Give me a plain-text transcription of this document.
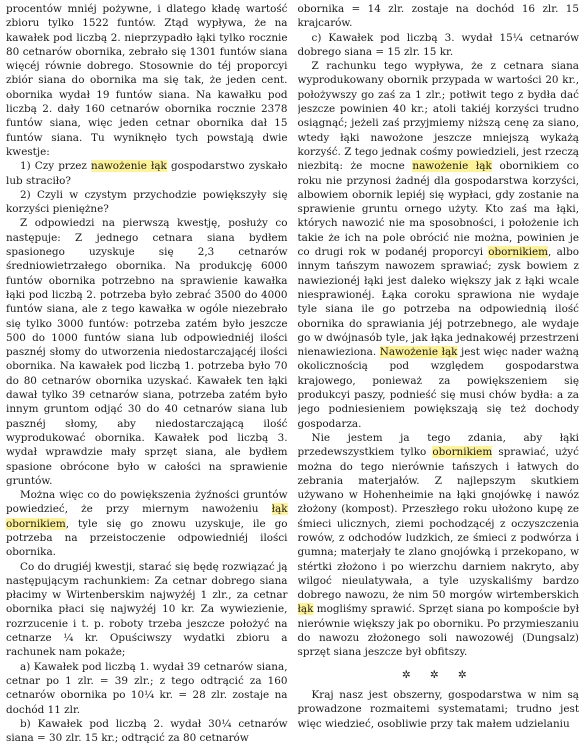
procentów mniéj pożywne, i dlatego kładę wartość zbioru tylko 1522 funtów. Ztąd wypływa, że na kawałek pod liczbą 2. nieprzypadło łąki tylko rocznie 80 cetnarów obornika, zebrało się 1301 funtów siana więcéj równie dobrego. Stosownie do téj proporcyi zbiór siana do obornika ma się tak, że jeden cent. obornika wydał 19 funtów siana. Na kawałku pod liczbą 2. dały 160 cetnarów obornika rocznie 2378 funtów siana, więc jeden cetnar obornika dał 15 funtów siana. Tu wyniknęło tych powstają dwie kwestje:

1) Czy przez nawożenie łąk gospodarstwo zyskało lub straciło?

2) Czyli w czystym przychodzie powiększyły się korzyści pieniężne?

Z odpowiedzi na pierwszą kwestję, posłuży co następuje: Z jednego cetnara siana bydłem spasionego uzyskuje się 2,3 cetnarów średniowietrzałego obornika. Na produkcję 6000 funtów obornika potrzebno na sprawienie kawałka łąki pod liczbą 2. potrzeba było zebrać 3500 do 4000 funtów siana, ale z tego kawałka w ogóle niezebrało się tylko 3000 funtów: potrzeba zatém było jeszcze 500 do 1000 funtów siana lub odpowiedniéj ilości pasznéj słomy do utworzenia niedostarczającéj ilości obornika. Na kawałek pod liczbą 1. potrzeba było 70 do 80 cetnarów obornika uzyskać. Kawałek ten łąki dawał tylko 39 cetnarów siana, potrzeba zatém było innym gruntom odjąć 30 do 40 cetnarów siana lub pasznéj słomy, aby niedostarczającą ilość wyprodukować obornika. Kawałek pod liczbą 3. wydał wprawdzie mały sprzęt siana, ale bydłem spasione obrócone było w całości na sprawienie gruntów.

Można więc co do powiększenia żyźności gruntów powiedzieć, że przy miernym nawożeniu łąk obornikiem, tyle się go znowu uzyskuje, ile go potrzeba na przeistoczenie odpowiedniéj ilości obornika.

Co do drugiéj kwestji, starać się będę rozwiązać ją następującym rachunkiem: Za cetnar dobrego siana płacimy w Wirtenberskim najwyżéj 1 zlr., za cetnar obornika płaci się najwyżéj 10 kr. Za wywiezienie, rozrzucenie i t. p. roboty trzeba jeszcze położyć na cetnarze ¼ kr. Opuściwszy wydatki zbioru a rachunek nam pokaże;

a) Kawałek pod liczbą 1. wydał 39 cetnarów siana, cetnar po 1 zlr. = 39 zlr.; z tego odtrącić za 160 cetnarów obornika po 10¼ kr. = 28 zlr. zostaje na dochód 11 zlr.

b) Kawałek pod liczbą 2. wydał 30¼ cetnarów siana = 30 zlr. 15 kr.; odtrącić za 80 cetnarów

obornika = 14 zlr. zostaje na dochód 16 zlr. 15 krajcarów.

c) Kawałek pod liczbą 3. wydał 15¼ cetnarów dobrego siana = 15 zlr. 15 kr.

Z rachunku tego wypływa, że z cetnara siana wyprodukowany obornik przypada w wartości 20 kr., położywszy go zaś za 1 zlr.; potłwit tego z bydła dać jeszcze powinien 40 kr.; atoli takiéj korzyści trudno osiągnąć; jeżeli zaś przyjmiemy niższą cenę za siano, wtedy łąki nawożone jeszcze mniejszą wykażą korzyść. Z tego jednak cośmy powiedzieli, jest rzeczą niezbitą: że mocne nawożenie łąk obornikiem co roku nie przynosi żadnéj dla gospodarstwa korzyści, albowiem obornik lepiéj się wypłaci, gdy zostanie na sprawienie gruntu ornego użyty. Kto zaś ma łąki, których nawozić nie ma sposobności, i położenie ich takie że ich na pole obrócić nie można, powinien je co drugi rok w podanéj proporcyi obornikiem, albo innym tańszym nawozem sprawiać; zysk bowiem z nawiezionéj łąki jest daleko większy jak z łąki wcale niesprawionéj. Łąka coroku sprawiona nie wydaje tyle siana ile go potrzeba na odpowiednią ilość obornika do sprawiania jéj potrzebnego, ale wydaje go w dwójnasób tyle, jak łąka jednakowéj przestrzeni nienawieziona. Nawożenie łąk jest więc nader ważną okolicznością pod względem gospodarstwa krajowego, ponieważ za powiększeniem się produkcyi paszy, podnieść się musi chów bydła: a za jego podniesieniem powiększają się też dochody gospodarza.

Nie jestem ja tego zdania, aby łąki przedewszystkiem tylko obornikiem sprawiać, użyć można do tego nierównie tańszych i łatwych do zebrania materjałów. Z najlepszym skutkiem używano w Hohenheimie na łąki gnojówkę i nawóz złożony (kompost). Przeszłego roku ułożono kupę ze śmieci ulicznych, ziemi pochodzącéj z oczyszczenia rowów, z odchodów ludzkich, ze śmieci z podwórza i gumna; materjały te zlano gnojówką i przekopano, w stértki złożono i po wierzchu darniem nakryto, aby wilgoć nieulatywała, a tyle uzyskaliśmy bardzo dobrego nawozu, że nim 50 morgów wirtemberskich łąk mogliśmy sprawić. Sprzęt siana po kompoście był nierównie większy jak po oborniku. Po przymieszaniu do nawozu złożonego soli nawozowéj (Dungsalz) sprzęt siana jeszcze był obfitszy.

✲ ✲ ✲

Kraj nasz jest obszerny, gospodarstwa w nim są prowadzone rozmaitemi systematami; trudno jest więc wiedzieć, osobliwie przy tak małem udzielaniu
